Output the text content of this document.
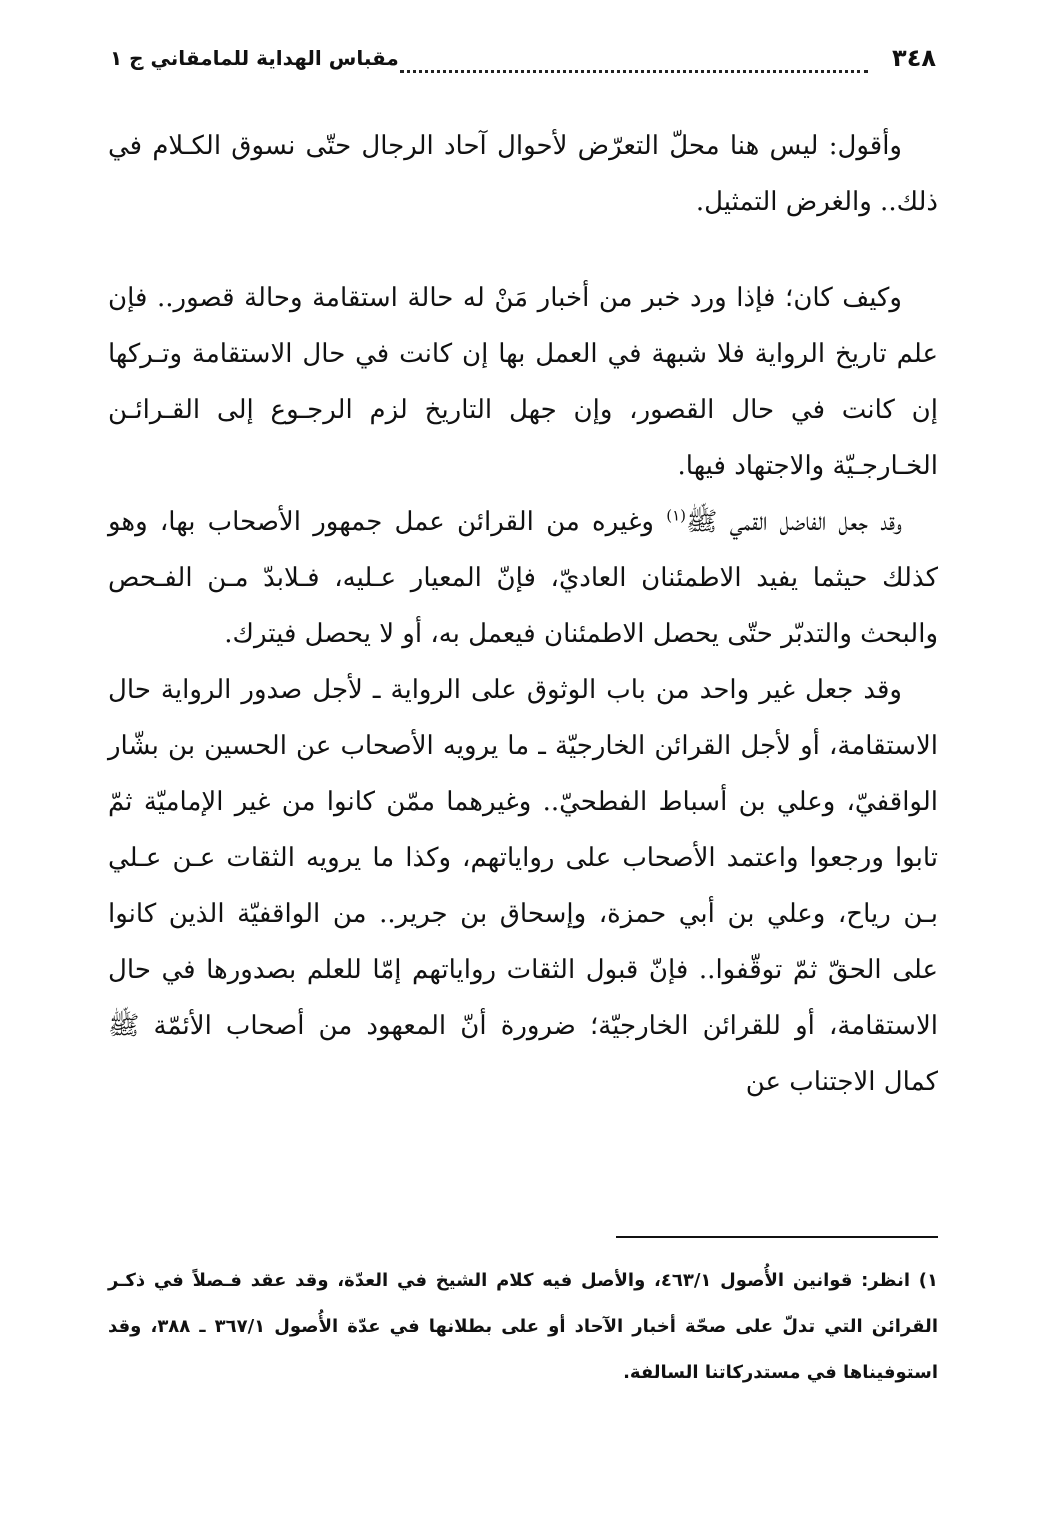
٣٤٨
مقباس الهداية للمامقاني ج ١

وأقول: ليس هنا محلّ التعرّض لأحوال آحاد الرجال حتّى نسوق الكـلام في ذلك.. والغرض التمثيل.

وكيف كان؛ فإذا ورد خبر من أخبار مَنْ له حالة استقامة وحالة قصور.. فإن علم تاريخ الرواية فلا شبهة في العمل بها إن كانت في حال الاستقامة وتـركها إن كانت في حال القصور، وإن جهل التاريخ لزم الرجـوع إلى القـرائـن الخـارجـيّة والاجتهاد فيها.

وقد جعل الفاضل القمي ﷺ$^{(١)}$ وغيره من القرائن عمل جمهور الأصحاب بها، وهو كذلك حيثما يفيد الاطمئنان العاديّ، فإنّ المعيار عـليه، فـلابدّ مـن الفـحص والبحث والتدبّر حتّى يحصل الاطمئنان فيعمل به، أو لا يحصل فيترك.

وقد جعل غير واحد من باب الوثوق على الرواية ـ لأجل صدور الرواية حال الاستقامة، أو لأجل القرائن الخارجيّة ـ ما يرويه الأصحاب عن الحسين بن بشّار الواقفيّ، وعلي بن أسباط الفطحيّ.. وغيرهما ممّن كانوا من غير الإماميّة ثمّ تابوا ورجعوا واعتمد الأصحاب على رواياتهم، وكذا ما يرويه الثقات عـن عـلي بـن رياح، وعلي بن أبي حمزة، وإسحاق بن جرير.. من الواقفيّة الذين كانوا على الحقّ ثمّ توقّفوا.. فإنّ قبول الثقات رواياتهم إمّا للعلم بصدورها في حال الاستقامة، أو للقرائن الخارجيّة؛ ضرورة أنّ المعهود من أصحاب الأئمّة ﷺ كمال الاجتناب عن

١) انظر: قوانين الأُصول ٤٦٣/١، والأصل فيه كلام الشيخ في العدّة، وقد عقد فـصلاً في ذكـر القرائن التي تدلّ على صحّة أخبار الآحاد أو على بطلانها في عدّة الأُصول ٣٦٧/١ ـ ٣٨٨، وقد استوفيناها في مستدركاتنا السالفة.
